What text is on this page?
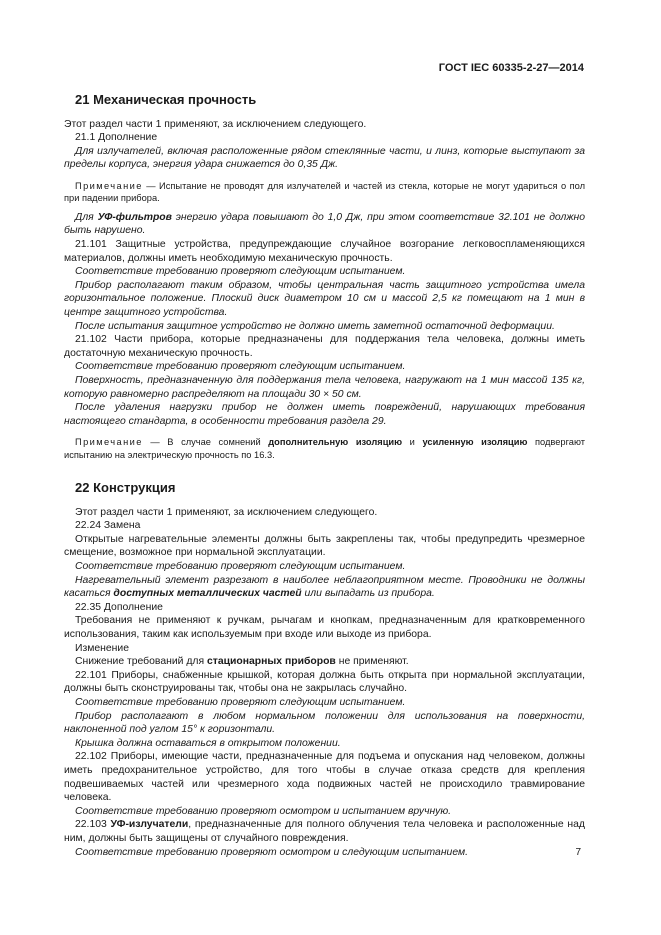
ГОСТ IEC 60335-2-27—2014

21 Механическая прочность

Этот раздел части 1 применяют, за исключением следующего.

21.1 Дополнение

Для излучателей, включая расположенные рядом стеклянные части, и линз, которые выступают за пределы корпуса, энергия удара снижается до 0,35 Дж.

Примечание — Испытание не проводят для излучателей и частей из стекла, которые не могут удариться о пол при падении прибора.

Для УФ-фильтров энергию удара повышают до 1,0 Дж, при этом соответствие 32.101 не должно быть нарушено.

21.101 Защитные устройства, предупреждающие случайное возгорание легковоспламеняющихся материалов, должны иметь необходимую механическую прочность.

Соответствие требованию проверяют следующим испытанием.

Прибор располагают таким образом, чтобы центральная часть защитного устройства имела горизонтальное положение. Плоский диск диаметром 10 см и массой 2,5 кг помещают на 1 мин в центре защитного устройства.

После испытания защитное устройство не должно иметь заметной остаточной деформации.

21.102 Части прибора, которые предназначены для поддержания тела человека, должны иметь достаточную механическую прочность.

Соответствие требованию проверяют следующим испытанием.

Поверхность, предназначенную для поддержания тела человека, нагружают на 1 мин массой 135 кг, которую равномерно распределяют на площади 30 × 50 см.

После удаления нагрузки прибор не должен иметь повреждений, нарушающих требования настоящего стандарта, в особенности требования раздела 29.

Примечание — В случае сомнений дополнительную изоляцию и усиленную изоляцию подвергают испытанию на электрическую прочность по 16.3.

22 Конструкция

Этот раздел части 1 применяют, за исключением следующего.

22.24 Замена

Открытые нагревательные элементы должны быть закреплены так, чтобы предупредить чрезмерное смещение, возможное при нормальной эксплуатации.

Соответствие требованию проверяют следующим испытанием.

Нагревательный элемент разрезают в наиболее неблагоприятном месте. Проводники не должны касаться доступных металлических частей или выпадать из прибора.

22.35 Дополнение

Требования не применяют к ручкам, рычагам и кнопкам, предназначенным для кратковременного использования, таким как используемым при входе или выходе из прибора.

Изменение

Снижение требований для стационарных приборов не применяют.

22.101 Приборы, снабженные крышкой, которая должна быть открыта при нормальной эксплуатации, должны быть сконструированы так, чтобы она не закрылась случайно.

Соответствие требованию проверяют следующим испытанием.

Прибор располагают в любом нормальном положении для использования на поверхности, наклоненной под углом 15° к горизонтали.

Крышка должна оставаться в открытом положении.

22.102 Приборы, имеющие части, предназначенные для подъема и опускания над человеком, должны иметь предохранительное устройство, для того чтобы в случае отказа средств для крепления подвешиваемых частей или чрезмерного хода подвижных частей не происходило травмирование человека.

Соответствие требованию проверяют осмотром и испытанием вручную.

22.103 УФ-излучатели, предназначенные для полного облучения тела человека и расположенные над ним, должны быть защищены от случайного повреждения.

Соответствие требованию проверяют осмотром и следующим испытанием.	7
